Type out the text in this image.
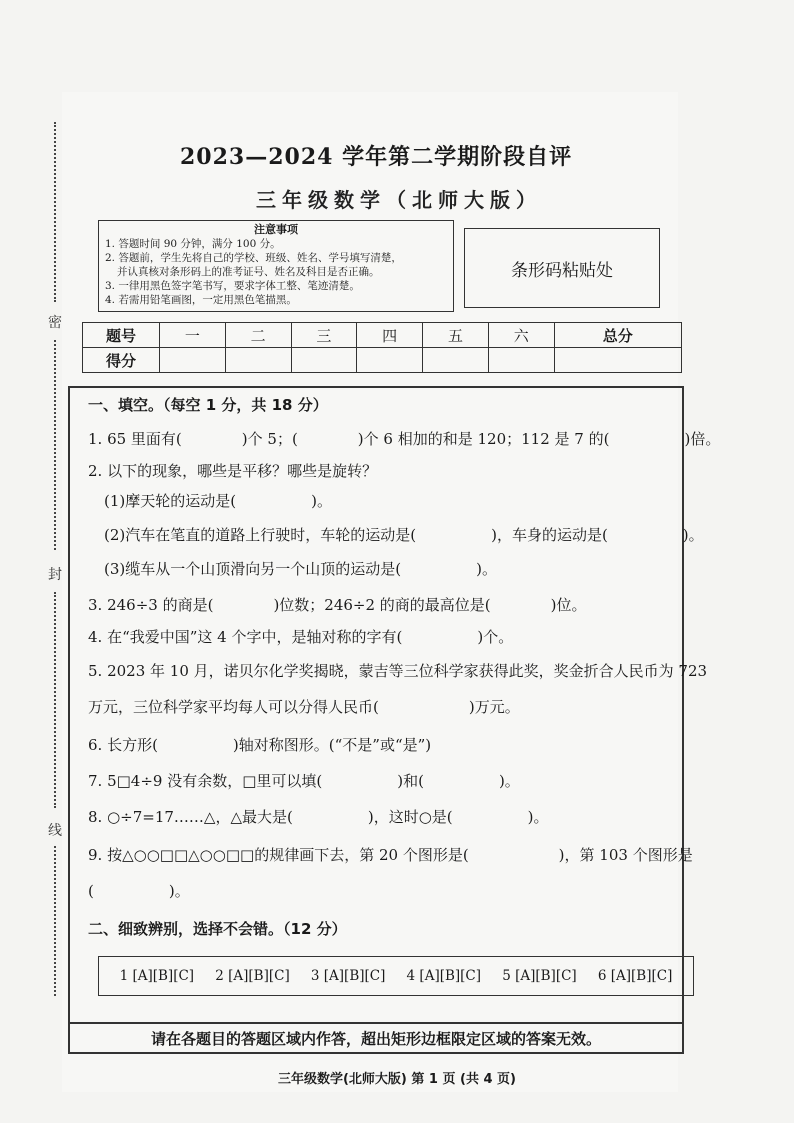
密
封
线
2023—2024 学年第二学期阶段自评
三年级数学（北师大版）
注意事项
1. 答题时间 90 分钟，满分 100 分。
2. 答题前，学生先将自己的学校、班级、姓名、学号填写清楚，
并认真核对条形码上的准考证号、姓名及科目是否正确。
3. 一律用黑色签字笔书写，要求字体工整、笔迹清楚。
4. 若需用铅笔画图，一定用黑色笔描黑。
条形码粘贴处
题号	一	二	三	四	五	六	总分
得分							
一、填空。（每空 1 分，共 18 分）
1. 65 里面有(　　　　)个 5；(　　　　)个 6 相加的和是 120；112 是 7 的(　　　　　)倍。
2. 以下的现象，哪些是平移？哪些是旋转？
(1)摩天轮的运动是(　　　　　)。
(2)汽车在笔直的道路上行驶时，车轮的运动是(　　　　　)，车身的运动是(　　　　　)。
(3)缆车从一个山顶滑向另一个山顶的运动是(　　　　　)。
3. 246÷3 的商是(　　　　)位数；246÷2 的商的最高位是(　　　　)位。
4. 在“我爱中国”这 4 个字中，是轴对称的字有(　　　　　)个。
5. 2023 年 10 月，诺贝尔化学奖揭晓，蒙吉等三位科学家获得此奖，奖金折合人民币为 723
万元，三位科学家平均每人可以分得人民币(　　　　　　)万元。
6. 长方形(　　　　　)轴对称图形。(“不是”或“是”)
7. 5□4÷9 没有余数，□里可以填(　　　　　)和(　　　　　)。
8. ○÷7=17……△，△最大是(　　　　　)，这时○是(　　　　　)。
9. 按△○○□□△○○□□的规律画下去，第 20 个图形是(　　　　　　)，第 103 个图形是
(　　　　　)。
二、细致辨别，选择不会错。（12 分）
1 [A][B][C] 2 [A][B][C] 3 [A][B][C] 4 [A][B][C] 5 [A][B][C] 6 [A][B][C]
请在各题目的答题区域内作答，超出矩形边框限定区域的答案无效。
三年级数学(北师大版) 第 1 页 (共 4 页)
